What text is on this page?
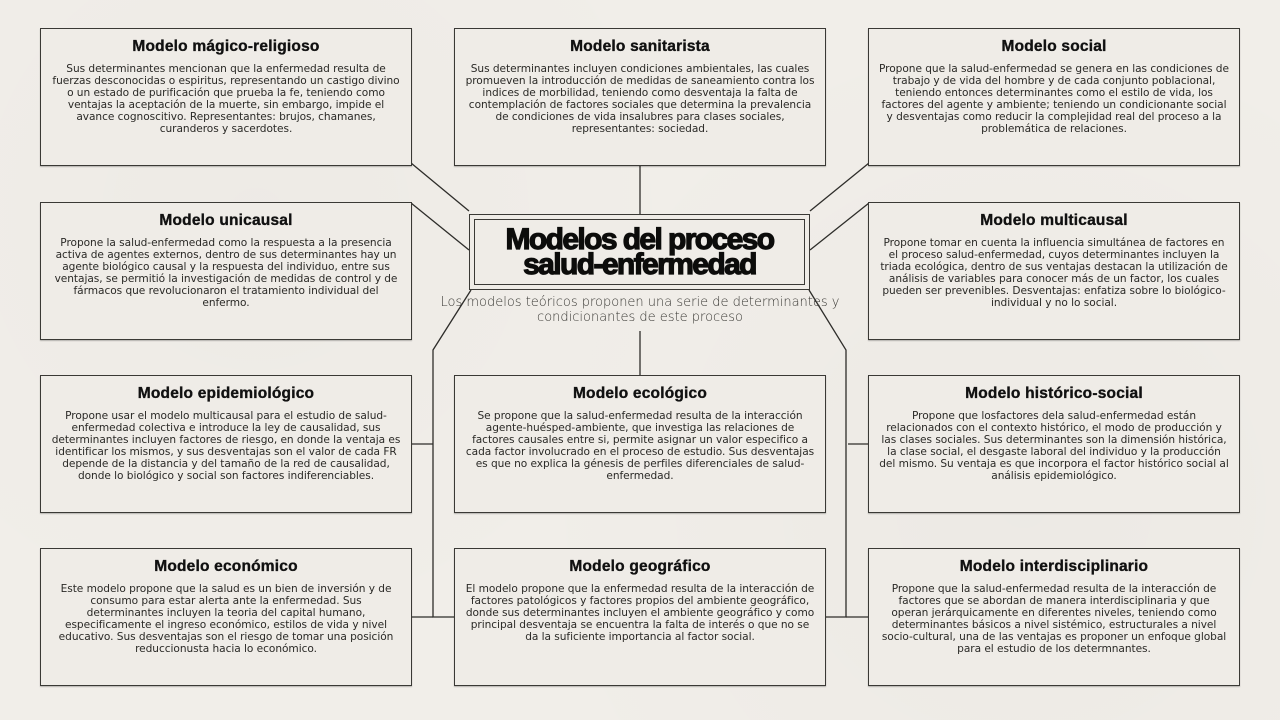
Modelo mágico-religioso

Sus determinantes mencionan que la enfermedad resulta de fuerzas desconocidas o espiritus, representando un castigo divino o un estado de purificación que prueba la fe, teniendo como ventajas la aceptación de la muerte, sin embargo, impide el avance cognoscitivo. Representantes: brujos, chamanes, curanderos y sacerdotes.

Modelo sanitarista

Sus determinantes incluyen condiciones ambientales, las cuales promueven la introducción de medidas de saneamiento contra los indices de morbilidad, teniendo como desventaja la falta de contemplación de factores sociales que determina la prevalencia de condiciones de vida insalubres para clases sociales, representantes: sociedad.

Modelo social

Propone que la salud-enfermedad se genera en las condiciones de trabajo y de vida del hombre y de cada conjunto poblacional, teniendo entonces determinantes como el estilo de vida, los factores del agente y ambiente; teniendo un condicionante social y desventajas como reducir la complejidad real del proceso a la problemática de relaciones.

Modelo unicausal

Propone la salud-enfermedad como la respuesta a la presencia activa de agentes externos, dentro de sus determinantes hay un agente biológico causal y la respuesta del individuo, entre sus ventajas, se permitió la investigación de medidas de control y de fármacos que revolucionaron el tratamiento individual del enfermo.

Modelos del proceso
salud-enfermedad
Los modelos teóricos proponen una serie de determinantes y condicionantes de este proceso
Modelo multicausal

Propone tomar en cuenta la influencia simultánea de factores en el proceso salud-enfermedad, cuyos determinantes incluyen la triada ecológica, dentro de sus ventajas destacan la utilización de análisis de variables para conocer más de un factor, los cuales pueden ser prevenibles. Desventajas: enfatiza sobre lo biológico-individual y no lo social.

Modelo epidemiológico

Propone usar el modelo multicausal para el estudio de salud-enfermedad colectiva e introduce la ley de causalidad, sus determinantes incluyen factores de riesgo, en donde la ventaja es identificar los mismos, y sus desventajas son el valor de cada FR depende de la distancia y del tamaño de la red de causalidad, donde lo biológico y social son factores indiferenciables.

Modelo ecológico

Se propone que la salud-enfermedad resulta de la interacción agente-huésped-ambiente, que investiga las relaciones de factores causales entre si, permite asignar un valor especifico a cada factor involucrado en el proceso de estudio. Sus desventajas es que no explica la génesis de perfiles diferenciales de salud-enfermedad.

Modelo histórico-social

Propone que losfactores dela salud-enfermedad están relacionados con el contexto histórico, el modo de producción y las clases sociales. Sus determinantes son la dimensión histórica, la clase social, el desgaste laboral del individuo y la producción del mismo. Su ventaja es que incorpora el factor histórico social al análisis epidemiológico.

Modelo económico

Este modelo propone que la salud es un bien de inversión y de consumo para estar alerta ante la enfermedad. Sus determinantes incluyen la teoria del capital humano, especificamente el ingreso económico, estilos de vida y nivel educativo. Sus desventajas son el riesgo de tomar una posición reduccionusta hacia lo económico.

Modelo geográfico

El modelo propone que la enfermedad resulta de la interacción de factores patológicos y factores propios del ambiente geográfico, donde sus determinantes incluyen el ambiente geográfico y como principal desventaja se encuentra la falta de interés o que no se da la suficiente importancia al factor social.

Modelo interdisciplinario

Propone que la salud-enfermedad resulta de la interacción de factores que se abordan de manera interdisciplinaria y que operan jerárquicamente en diferentes niveles, teniendo como determinantes básicos a nivel sistémico, estructurales a nivel socio-cultural, una de las ventajas es proponer un enfoque global para el estudio de los determnantes.
